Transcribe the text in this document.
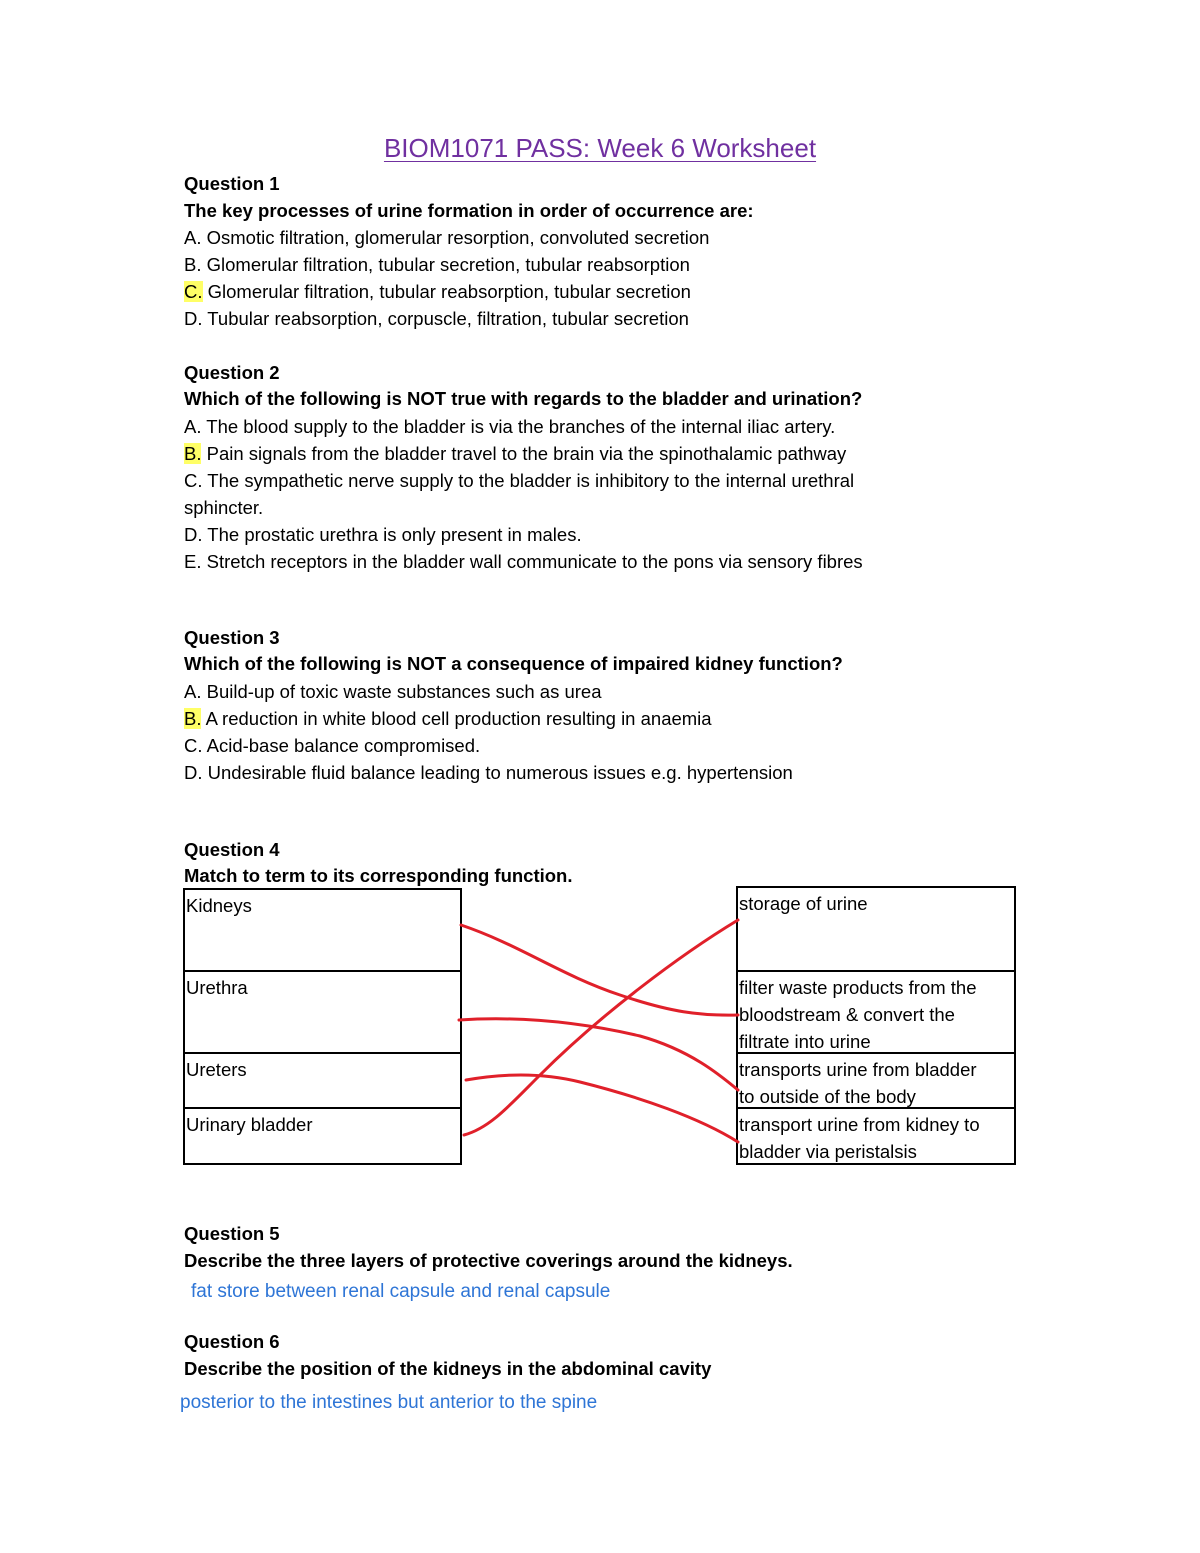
BIOM1071 PASS: Week 6 Worksheet
Question 1
The key processes of urine formation in order of occurrence are:
A. Osmotic filtration, glomerular resorption, convoluted secretion
B. Glomerular filtration, tubular secretion, tubular reabsorption
C. Glomerular filtration, tubular reabsorption, tubular secretion
D. Tubular reabsorption, corpuscle, filtration, tubular secretion
Question 2
Which of the following is NOT true with regards to the bladder and urination?
A. The blood supply to the bladder is via the branches of the internal iliac artery.
B. Pain signals from the bladder travel to the brain via the spinothalamic pathway
C. The sympathetic nerve supply to the bladder is inhibitory to the internal urethral
sphincter.
D. The prostatic urethra is only present in males.
E. Stretch receptors in the bladder wall communicate to the pons via sensory fibres
Question 3
Which of the following is NOT a consequence of impaired kidney function?
A. Build-up of toxic waste substances such as urea
B. A reduction in white blood cell production resulting in anaemia
C. Acid-base balance compromised.
D. Undesirable fluid balance leading to numerous issues e.g. hypertension
Question 4
Match to term to its corresponding function.
Kidneys
Urethra
Ureters
Urinary bladder
storage of urine
filter waste products from the
bloodstream & convert the
filtrate into urine
transports urine from bladder
to outside of the body
transport urine from kidney to
bladder via peristalsis
Question 5
Describe the three layers of protective coverings around the kidneys.
fat store between renal capsule and renal capsule
Question 6
Describe the position of the kidneys in the abdominal cavity
posterior to the intestines but anterior to the spine
